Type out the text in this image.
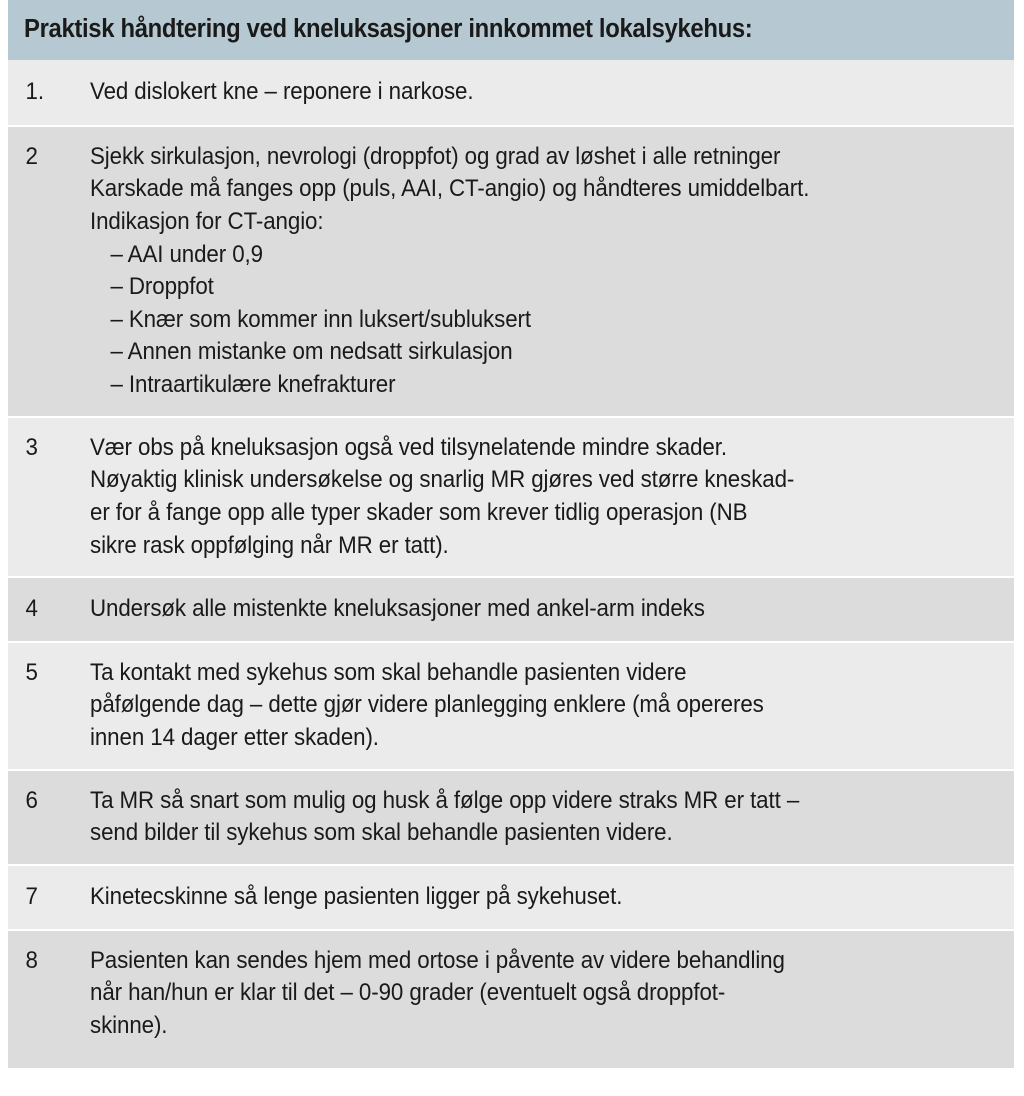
Praktisk håndtering ved kneluksasjoner innkommet lokalsykehus:
1.	Ved dislokert kne – reponere i narkose.
2	Sjekk sirkulasjon, nevrologi (droppfot) og grad av løshet i alle retninger
Karskade må fanges opp (puls, AAI, CT-angio) og håndteres umiddelbart.
Indikasjon for CT-angio:
– AAI under 0,9
– Droppfot
– Knær som kommer inn luksert/subluksert
– Annen mistanke om nedsatt sirkulasjon
– Intraartikulære knefrakturer
3	Vær obs på kneluksasjon også ved tilsynelatende mindre skader.
Nøyaktig klinisk undersøkelse og snarlig MR gjøres ved større kneskad-
er for å fange opp alle typer skader som krever tidlig operasjon (NB
sikre rask oppfølging når MR er tatt).
4	Undersøk alle mistenkte kneluksasjoner med ankel-arm indeks
5	Ta kontakt med sykehus som skal behandle pasienten videre
påfølgende dag – dette gjør videre planlegging enklere (må opereres
innen 14 dager etter skaden).
6	Ta MR så snart som mulig og husk å følge opp videre straks MR er tatt –
send bilder til sykehus som skal behandle pasienten videre.
7	Kinetecskinne så lenge pasienten ligger på sykehuset.
8	Pasienten kan sendes hjem med ortose i påvente av videre behandling
når han/hun er klar til det – 0-90 grader (eventuelt også droppfot-
skinne).
